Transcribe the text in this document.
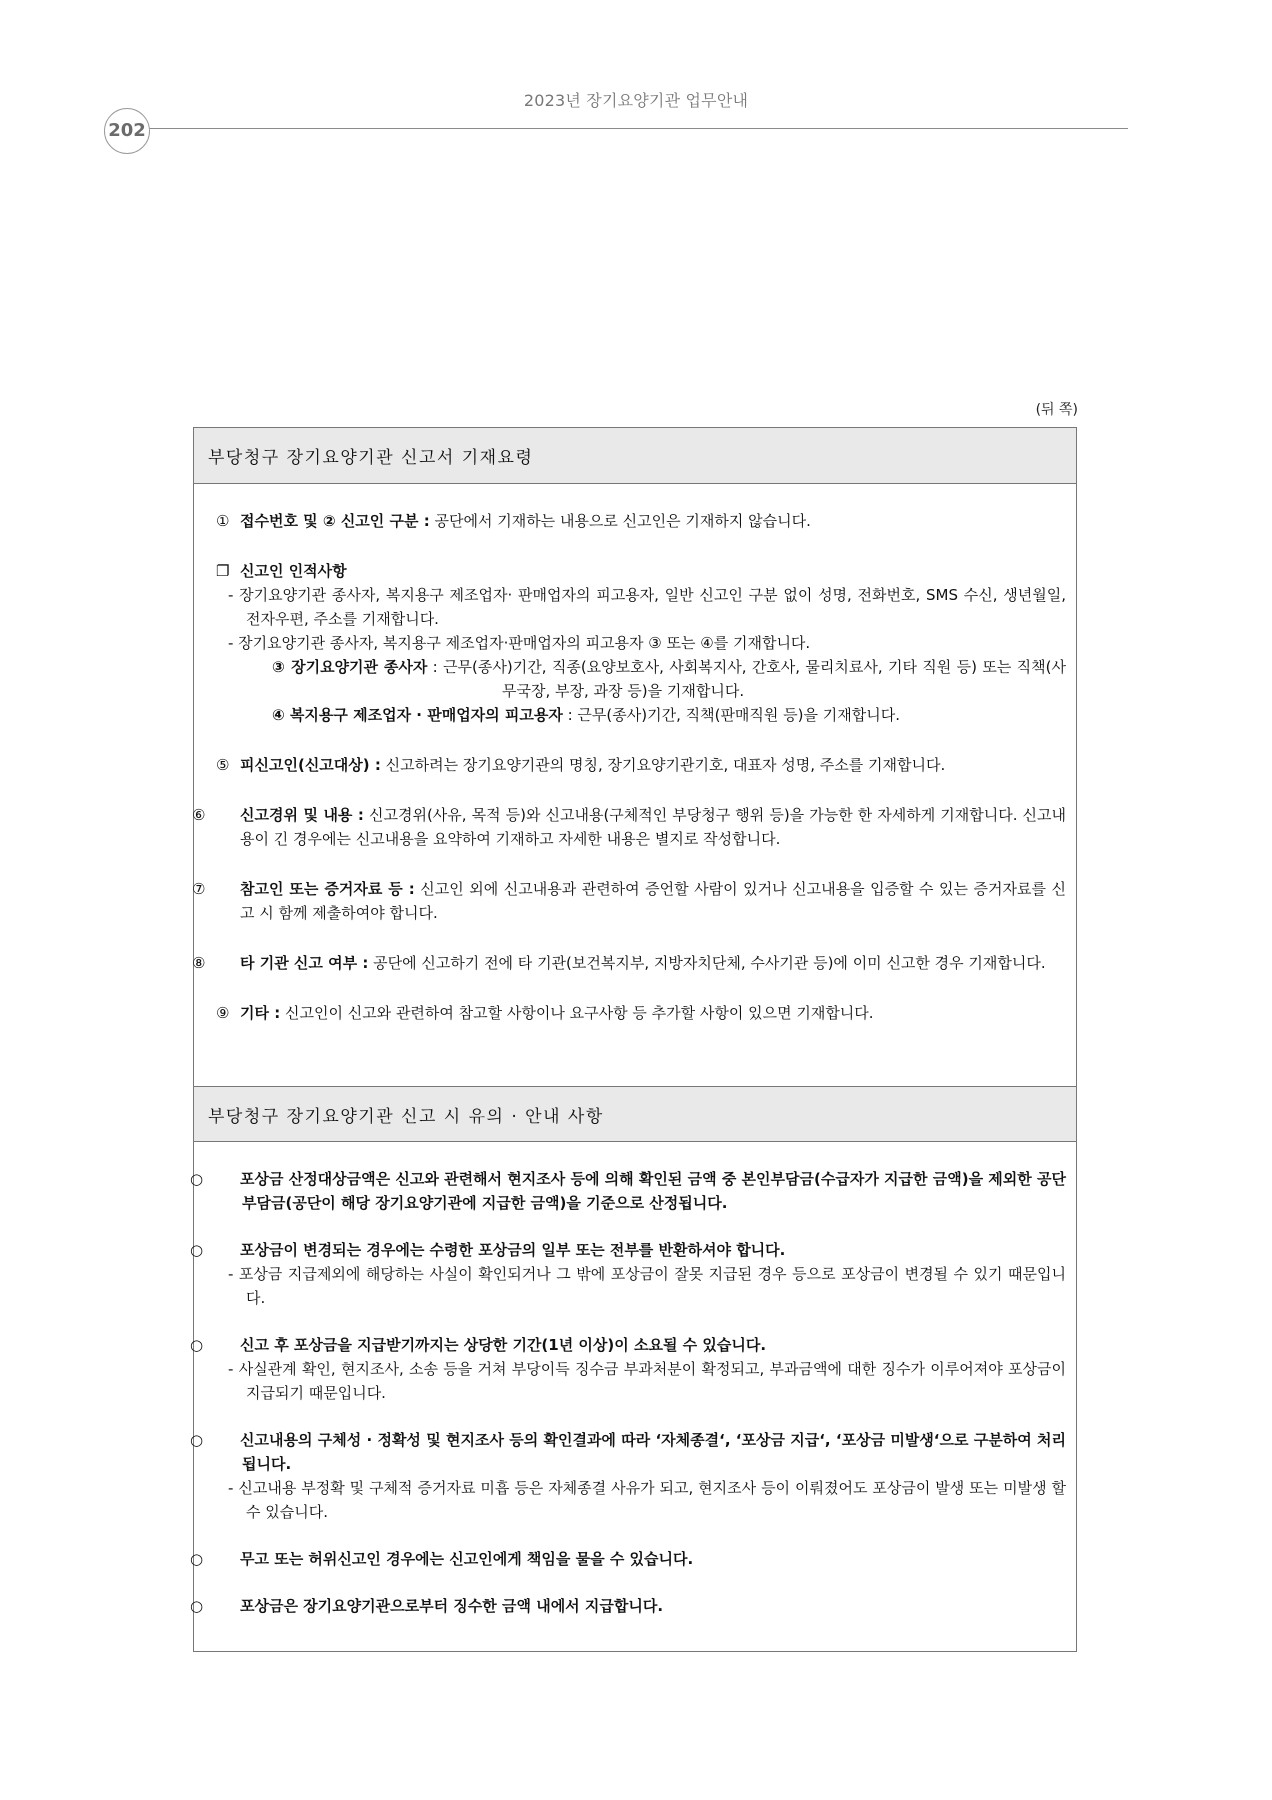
2023년 장기요양기관 업무안내
202
(뒤 쪽)
부당청구 장기요양기관 신고서 기재요령

① 접수번호 및 ② 신고인 구분 : 공단에서 기재하는 내용으로 신고인은 기재하지 않습니다.

❐ 신고인 인적사항

- 장기요양기관 종사자, 복지용구 제조업자· 판매업자의 피고용자, 일반 신고인 구분 없이 성명, 전화번호, SMS 수신, 생년월일, 전자우편, 주소를 기재합니다.

- 장기요양기관 종사자, 복지용구 제조업자·판매업자의 피고용자 ③ 또는 ④를 기재합니다.

③ 장기요양기관 종사자 : 근무(종사)기간, 직종(요양보호사, 사회복지사, 간호사, 물리치료사, 기타 직원 등) 또는 직책(사무국장, 부장, 과장 등)을 기재합니다.

④ 복지용구 제조업자 · 판매업자의 피고용자 : 근무(종사)기간, 직책(판매직원 등)을 기재합니다.

⑤ 피신고인(신고대상) : 신고하려는 장기요양기관의 명칭, 장기요양기관기호, 대표자 성명, 주소를 기재합니다.

⑥ 신고경위 및 내용 : 신고경위(사유, 목적 등)와 신고내용(구체적인 부당청구 행위 등)을 가능한 한 자세하게 기재합니다. 신고내용이 긴 경우에는 신고내용을 요약하여 기재하고 자세한 내용은 별지로 작성합니다.

⑦ 참고인 또는 증거자료 등 : 신고인 외에 신고내용과 관련하여 증언할 사람이 있거나 신고내용을 입증할 수 있는 증거자료를 신고 시 함께 제출하여야 합니다.

⑧ 타 기관 신고 여부 : 공단에 신고하기 전에 타 기관(보건복지부, 지방자치단체, 수사기관 등)에 이미 신고한 경우 기재합니다.

⑨ 기타 : 신고인이 신고와 관련하여 참고할 사항이나 요구사항 등 추가할 사항이 있으면 기재합니다.

부당청구 장기요양기관 신고 시 유의 · 안내 사항

○ 포상금 산정대상금액은 신고와 관련해서 현지조사 등에 의해 확인된 금액 중 본인부담금(수급자가 지급한 금액)을 제외한 공단부담금(공단이 해당 장기요양기관에 지급한 금액)을 기준으로 산정됩니다.

○ 포상금이 변경되는 경우에는 수령한 포상금의 일부 또는 전부를 반환하셔야 합니다.

- 포상금 지급제외에 해당하는 사실이 확인되거나 그 밖에 포상금이 잘못 지급된 경우 등으로 포상금이 변경될 수 있기 때문입니다.

○ 신고 후 포상금을 지급받기까지는 상당한 기간(1년 이상)이 소요될 수 있습니다.

- 사실관계 확인, 현지조사, 소송 등을 거쳐 부당이득 징수금 부과처분이 확정되고, 부과금액에 대한 징수가 이루어져야 포상금이 지급되기 때문입니다.

○ 신고내용의 구체성 · 정확성 및 현지조사 등의 확인결과에 따라 ‘자체종결‘, ‘포상금 지급‘, ‘포상금 미발생‘으로 구분하여 처리됩니다.

- 신고내용 부정확 및 구체적 증거자료 미흡 등은 자체종결 사유가 되고, 현지조사 등이 이뤄졌어도 포상금이 발생 또는 미발생 할 수 있습니다.

○ 무고 또는 허위신고인 경우에는 신고인에게 책임을 물을 수 있습니다.

○ 포상금은 장기요양기관으로부터 징수한 금액 내에서 지급합니다.
